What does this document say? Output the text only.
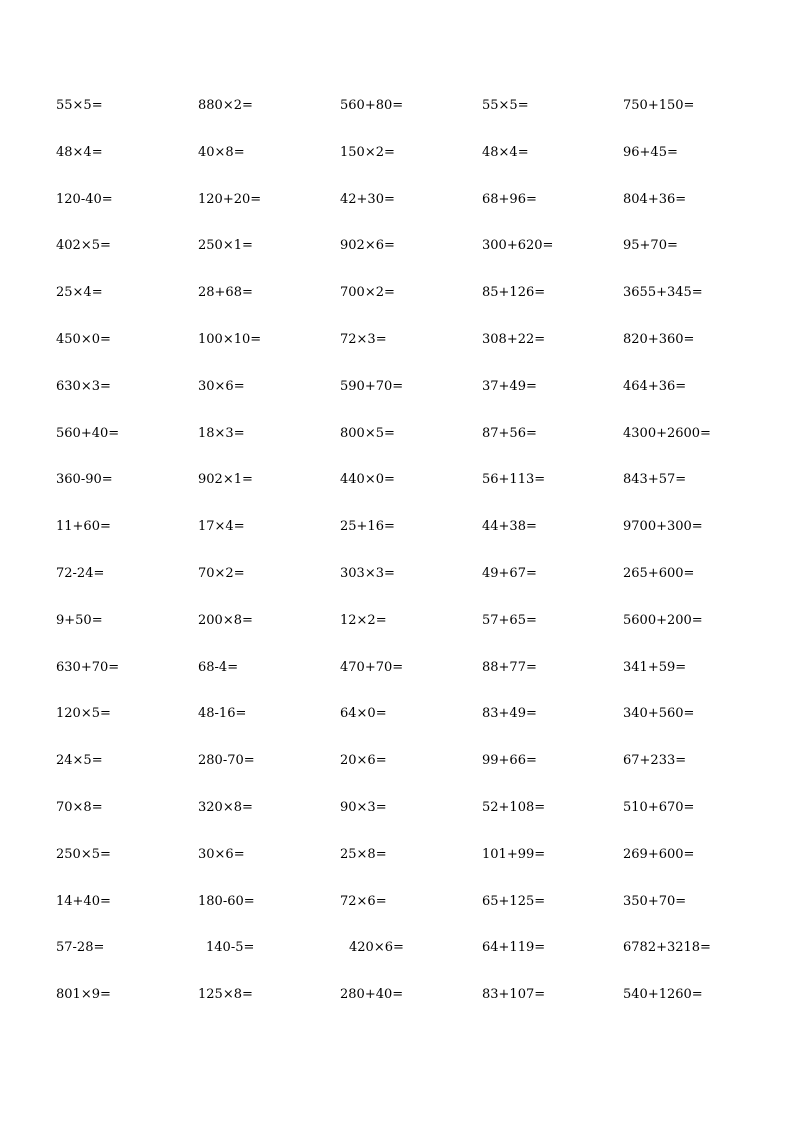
55×5=	880×2=	560+80=	55×5=	750+150=
48×4=	40×8=	150×2=	48×4=	96+45=
120-40=	120+20=	42+30=	68+96=	804+36=
402×5=	250×1=	902×6=	300+620=	95+70=
25×4=	28+68=	700×2=	85+126=	3655+345=
450×0=	100×10=	72×3=	308+22=	820+360=
630×3=	30×6=	590+70=	37+49=	464+36=
560+40=	18×3=	800×5=	87+56=	4300+2600=
360-90=	902×1=	440×0=	56+113=	843+57=
11+60=	17×4=	25+16=	44+38=	9700+300=
72-24=	70×2=	303×3=	49+67=	265+600=
9+50=	200×8=	12×2=	57+65=	5600+200=
630+70=	68-4=	470+70=	88+77=	341+59=
120×5=	48-16=	64×0=	83+49=	340+560=
24×5=	280-70=	20×6=	99+66=	67+233=
70×8=	320×8=	90×3=	52+108=	510+670=
250×5=	30×6=	25×8=	101+99=	269+600=
14+40=	180-60=	72×6=	65+125=	350+70=
57-28=	140-5=	420×6=	64+119=	6782+3218=
801×9=	125×8=	280+40=	83+107=	540+1260=
